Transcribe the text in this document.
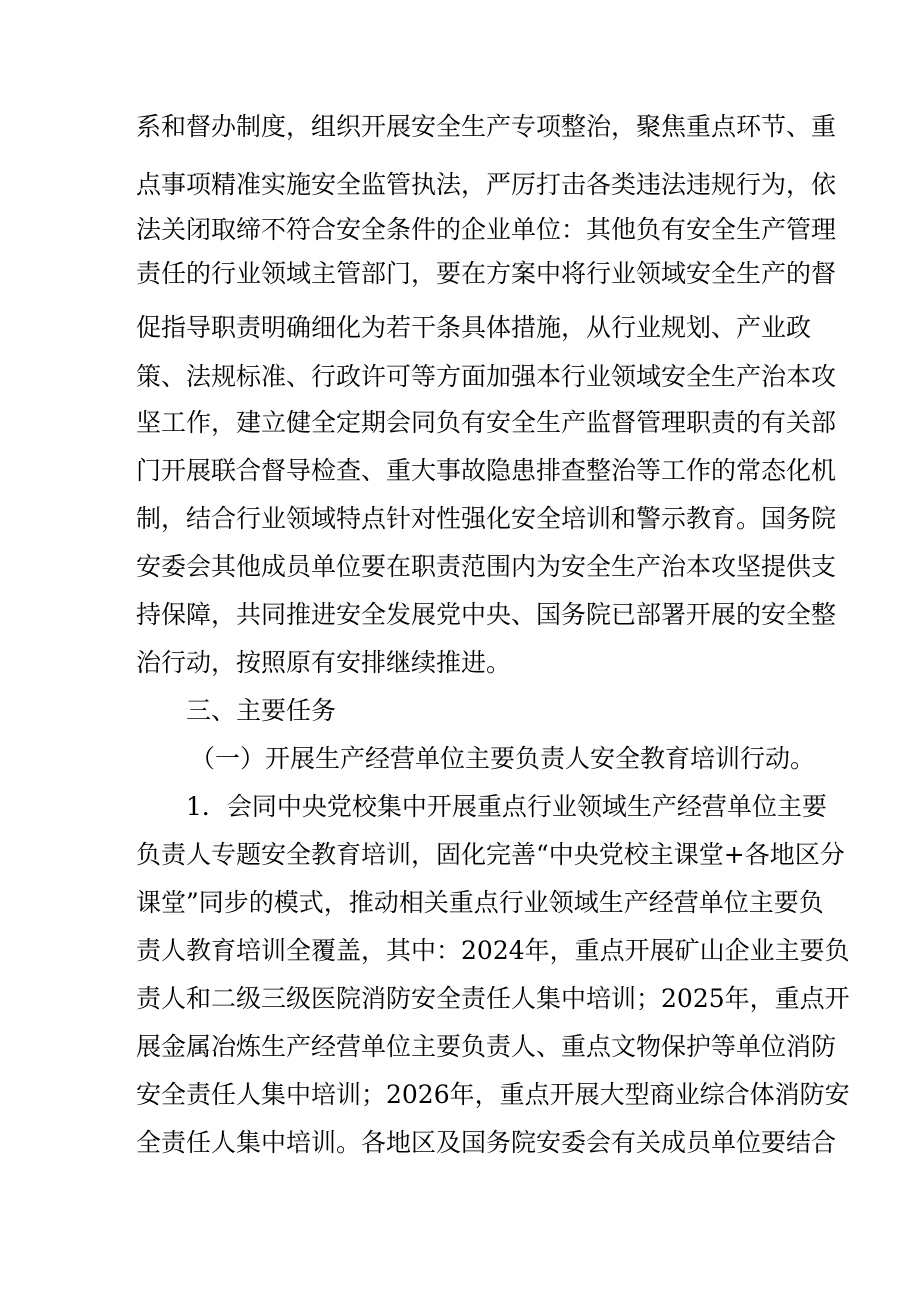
系和督办制度，组织开展安全生产专项整治，聚焦重点环节、重
点事项精准实施安全监管执法，严厉打击各类违法违规行为，依
法关闭取缔不符合安全条件的企业单位：其他负有安全生产管理
责任的行业领域主管部门，要在方案中将行业领域安全生产的督
促指导职责明确细化为若干条具体措施，从行业规划、产业政
策、法规标准、行政许可等方面加强本行业领域安全生产治本攻
坚工作，建立健全定期会同负有安全生产监督管理职责的有关部
门开展联合督导检查、重大事故隐患排查整治等工作的常态化机
制，结合行业领域特点针对性强化安全培训和警示教育。国务院
安委会其他成员单位要在职责范围内为安全生产治本攻坚提供支
持保障，共同推进安全发展党中央、国务院已部署开展的安全整
治行动，按照原有安排继续推进。
三、主要任务
（一）开展生产经营单位主要负责人安全教育培训行动。
1．会同中央党校集中开展重点行业领域生产经营单位主要
负责人专题安全教育培训，固化完善“中央党校主课堂+各地区分
课堂”同步的模式，推动相关重点行业领域生产经营单位主要负
责人教育培训全覆盖，其中：2024年，重点开展矿山企业主要负
责人和二级三级医院消防安全责任人集中培训；2025年，重点开
展金属冶炼生产经营单位主要负责人、重点文物保护等单位消防
安全责任人集中培训；2026年，重点开展大型商业综合体消防安
全责任人集中培训。各地区及国务院安委会有关成员单位要结合
